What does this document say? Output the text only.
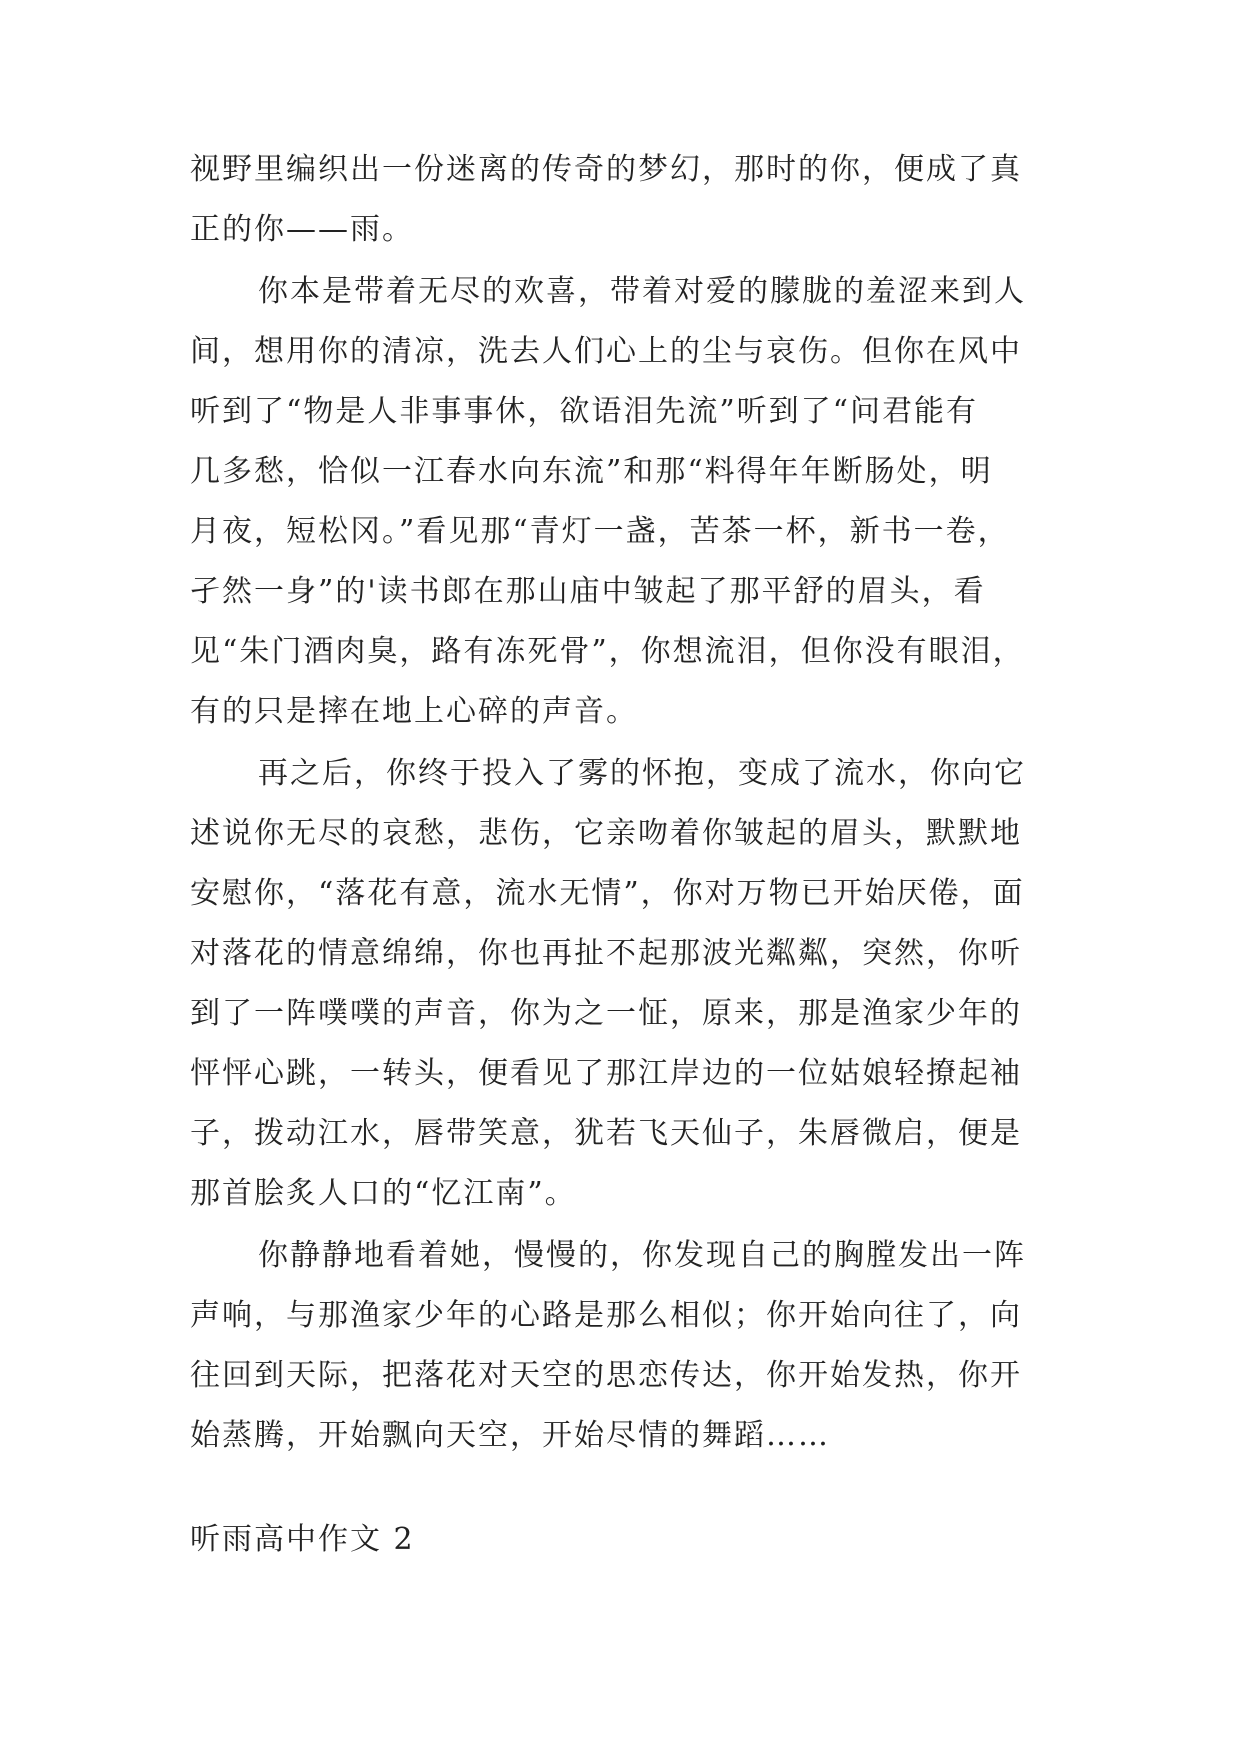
视野里编织出一份迷离的传奇的梦幻，那时的你，便成了真
正的你——雨。
你本是带着无尽的欢喜，带着对爱的朦胧的羞涩来到人
间，想用你的清凉，洗去人们心上的尘与哀伤。但你在风中
听到了“物是人非事事休，欲语泪先流”听到了“问君能有
几多愁，恰似一江春水向东流”和那“料得年年断肠处，明
月夜，短松冈。”看见那“青灯一盏，苦茶一杯，新书一卷，
孑然一身”的'读书郎在那山庙中皱起了那平舒的眉头，看
见“朱门酒肉臭，路有冻死骨”，你想流泪，但你没有眼泪，
有的只是摔在地上心碎的声音。
再之后，你终于投入了雾的怀抱，变成了流水，你向它
述说你无尽的哀愁，悲伤，它亲吻着你皱起的眉头，默默地
安慰你，“落花有意，流水无情”，你对万物已开始厌倦，面
对落花的情意绵绵，你也再扯不起那波光粼粼，突然，你听
到了一阵噗噗的声音，你为之一怔，原来，那是渔家少年的
怦怦心跳，一转头，便看见了那江岸边的一位姑娘轻撩起袖
子，拨动江水，唇带笑意，犹若飞天仙子，朱唇微启，便是
那首脍炙人口的“忆江南”。
你静静地看着她，慢慢的，你发现自己的胸膛发出一阵
声响，与那渔家少年的心路是那么相似；你开始向往了，向
往回到天际，把落花对天空的思恋传达，你开始发热，你开
始蒸腾，开始飘向天空，开始尽情的舞蹈……
听雨高中作文 2
